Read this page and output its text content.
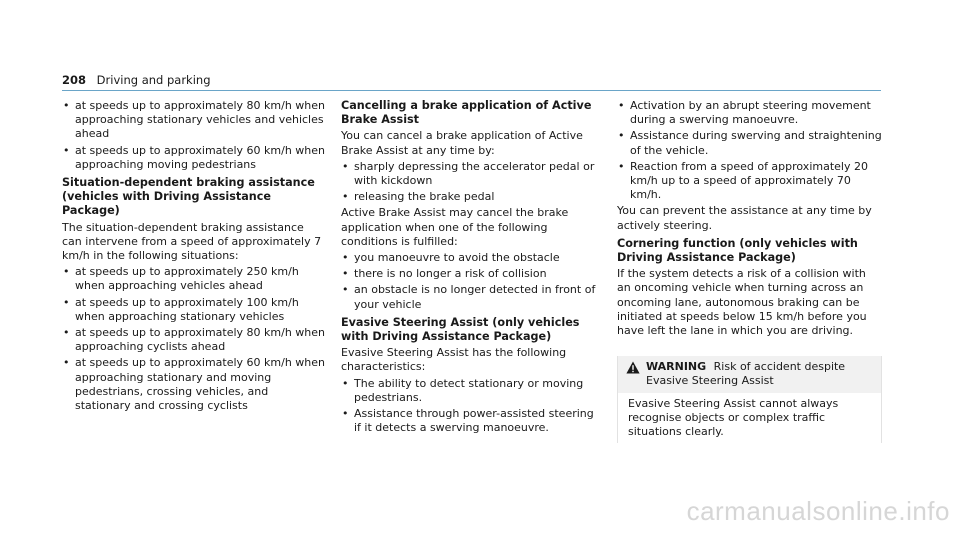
208 Driving and parking
• at speeds up to approximately 80 km/h when approaching stationary vehicles and vehicles ahead
• at speeds up to approximately 60 km/h when approaching moving pedestrians
Situation-dependent braking assistance (vehicles with Driving Assistance Package)

The situation-dependent braking assistance can intervene from a speed of approximately 7 km/h in the following situations:

• at speeds up to approximately 250 km/h when approaching vehicles ahead
• at speeds up to approximately 100 km/h when approaching stationary vehicles
• at speeds up to approximately 80 km/h when approaching cyclists ahead
• at speeds up to approximately 60 km/h when approaching stationary and moving pedestrians, crossing vehicles, and stationary and crossing cyclists
Cancelling a brake application of Active Brake Assist

You can cancel a brake application of Active Brake Assist at any time by:

• sharply depressing the accelerator pedal or with kickdown
• releasing the brake pedal

Active Brake Assist may cancel the brake application when one of the following conditions is fulfilled:

• you manoeuvre to avoid the obstacle
• there is no longer a risk of collision
• an obstacle is no longer detected in front of your vehicle
Evasive Steering Assist (only vehicles with Driving Assistance Package)

Evasive Steering Assist has the following characteristics:

• The ability to detect stationary or moving pedestrians.
• Assistance through power-assisted steering if it detects a swerving manoeuvre.
• Activation by an abrupt steering movement during a swerving manoeuvre.
• Assistance during swerving and straightening of the vehicle.
• Reaction from a speed of approximately 20 km/h up to a speed of approximately 70 km/h.

You can prevent the assistance at any time by actively steering.

Cornering function (only vehicles with Driving Assistance Package)

If the system detects a risk of a collision with an oncoming vehicle when turning across an oncoming lane, autonomous braking can be initiated at speeds below 15 km/h before you have left the lane in which you are driving.

WARNING Risk of accident despite Evasive Steering Assist
Evasive Steering Assist cannot always recognise objects or complex traffic situations clearly.
carmanualsonline.info
